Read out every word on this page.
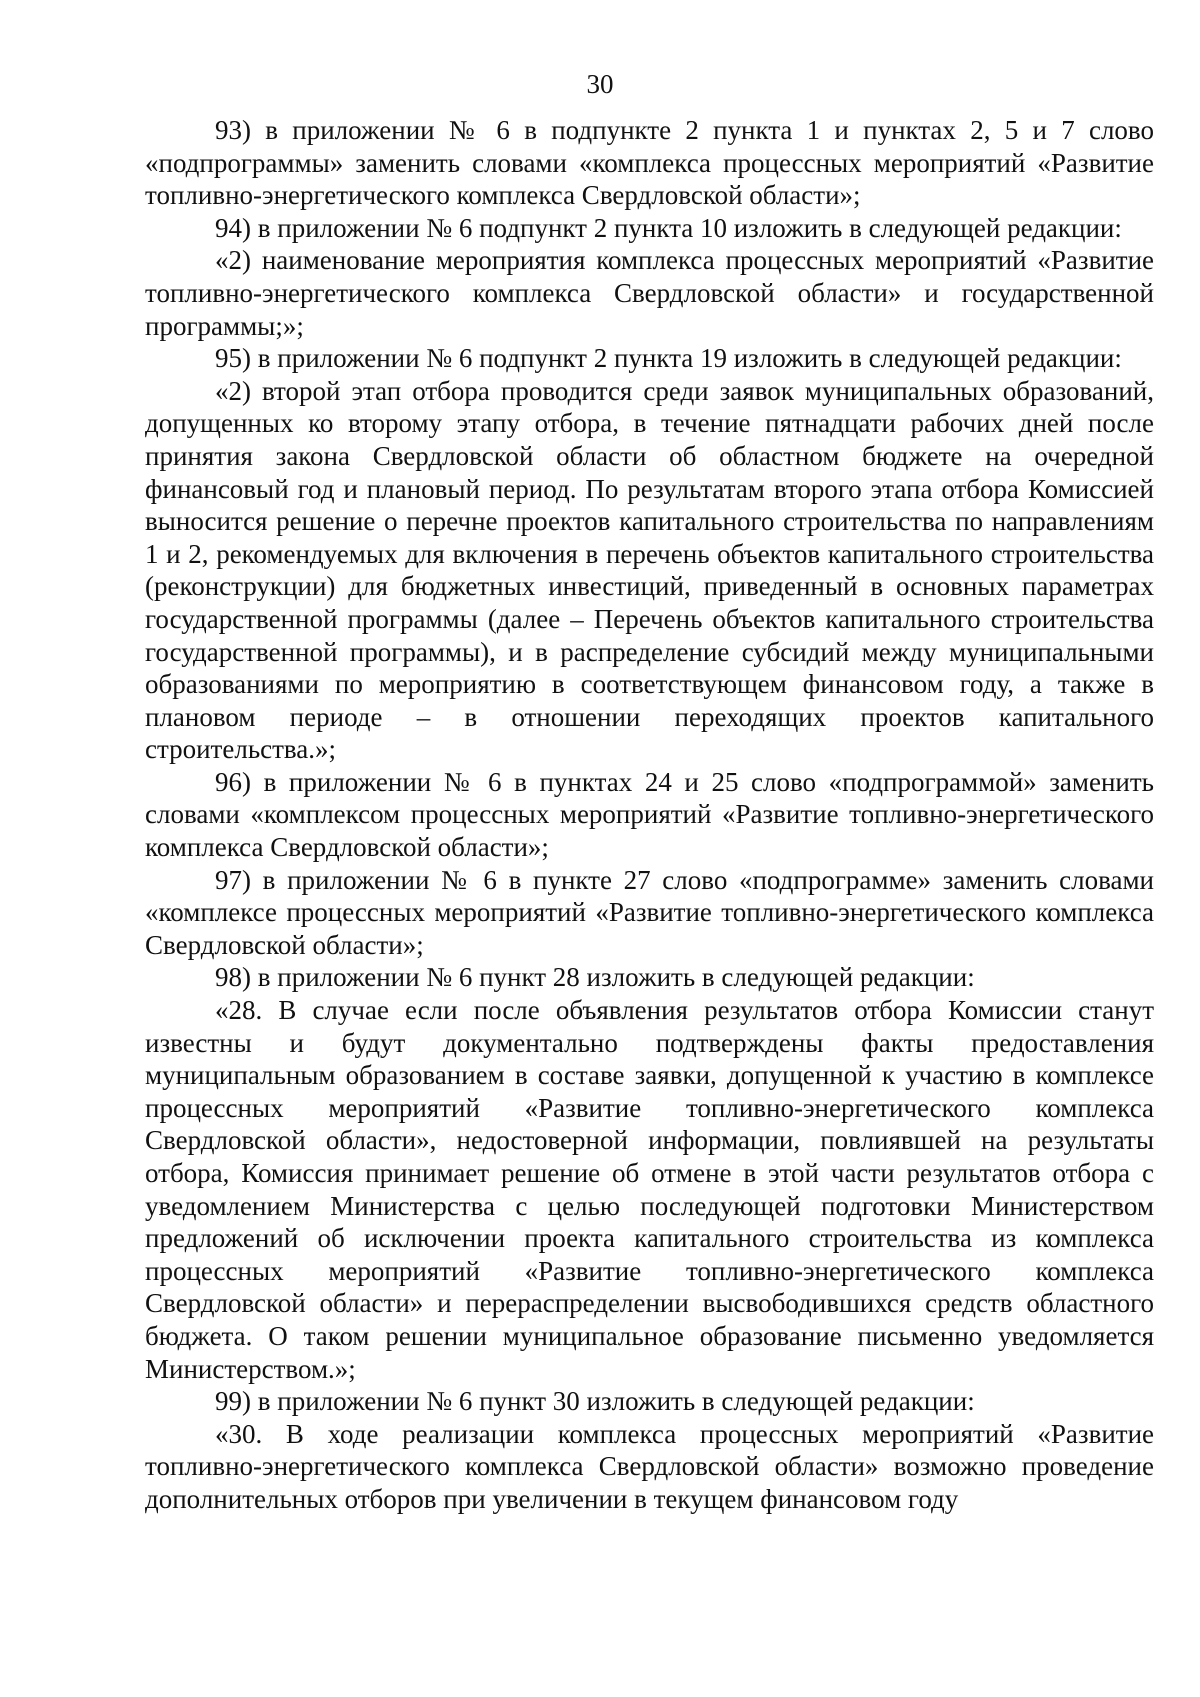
30

93) в приложении № 6 в подпункте 2 пункта 1 и пунктах 2, 5 и 7 слово «подпрограммы» заменить словами «комплекса процессных мероприятий «Развитие топливно-энергетического комплекса Свердловской области»;

94) в приложении № 6 подпункт 2 пункта 10 изложить в следующей редакции:

«2) наименование мероприятия комплекса процессных мероприятий «Развитие топливно-энергетического комплекса Свердловской области» и государственной программы;»;

95) в приложении № 6 подпункт 2 пункта 19 изложить в следующей редакции:

«2) второй этап отбора проводится среди заявок муниципальных образований, допущенных ко второму этапу отбора, в течение пятнадцати рабочих дней после принятия закона Свердловской области об областном бюджете на очередной финансовый год и плановый период. По результатам второго этапа отбора Комиссией выносится решение о перечне проектов капитального строительства по направлениям 1 и 2, рекомендуемых для включения в перечень объектов капитального строительства (реконструкции) для бюджетных инвестиций, приведенный в основных параметрах государственной программы (далее – Перечень объектов капитального строительства государственной программы), и в распределение субсидий между муниципальными образованиями по мероприятию в соответствующем финансовом году, а также в плановом периоде – в отношении переходящих проектов капитального строительства.»;

96) в приложении № 6 в пунктах 24 и 25 слово «подпрограммой» заменить словами «комплексом процессных мероприятий «Развитие топливно-энергетического комплекса Свердловской области»;

97) в приложении № 6 в пункте 27 слово «подпрограмме» заменить словами «комплексе процессных мероприятий «Развитие топливно-энергетического комплекса Свердловской области»;

98) в приложении № 6 пункт 28 изложить в следующей редакции:

«28. В случае если после объявления результатов отбора Комиссии станут известны и будут документально подтверждены факты предоставления муниципальным образованием в составе заявки, допущенной к участию в комплексе процессных мероприятий «Развитие топливно-энергетического комплекса Свердловской области», недостоверной информации, повлиявшей на результаты отбора, Комиссия принимает решение об отмене в этой части результатов отбора с уведомлением Министерства с целью последующей подготовки Министерством предложений об исключении проекта капитального строительства из комплекса процессных мероприятий «Развитие топливно-энергетического комплекса Свердловской области» и перераспределении высвободившихся средств областного бюджета. О таком решении муниципальное образование письменно уведомляется Министерством.»;

99) в приложении № 6 пункт 30 изложить в следующей редакции:

«30. В ходе реализации комплекса процессных мероприятий «Развитие топливно-энергетического комплекса Свердловской области» возможно проведение дополнительных отборов при увеличении в текущем финансовом году
